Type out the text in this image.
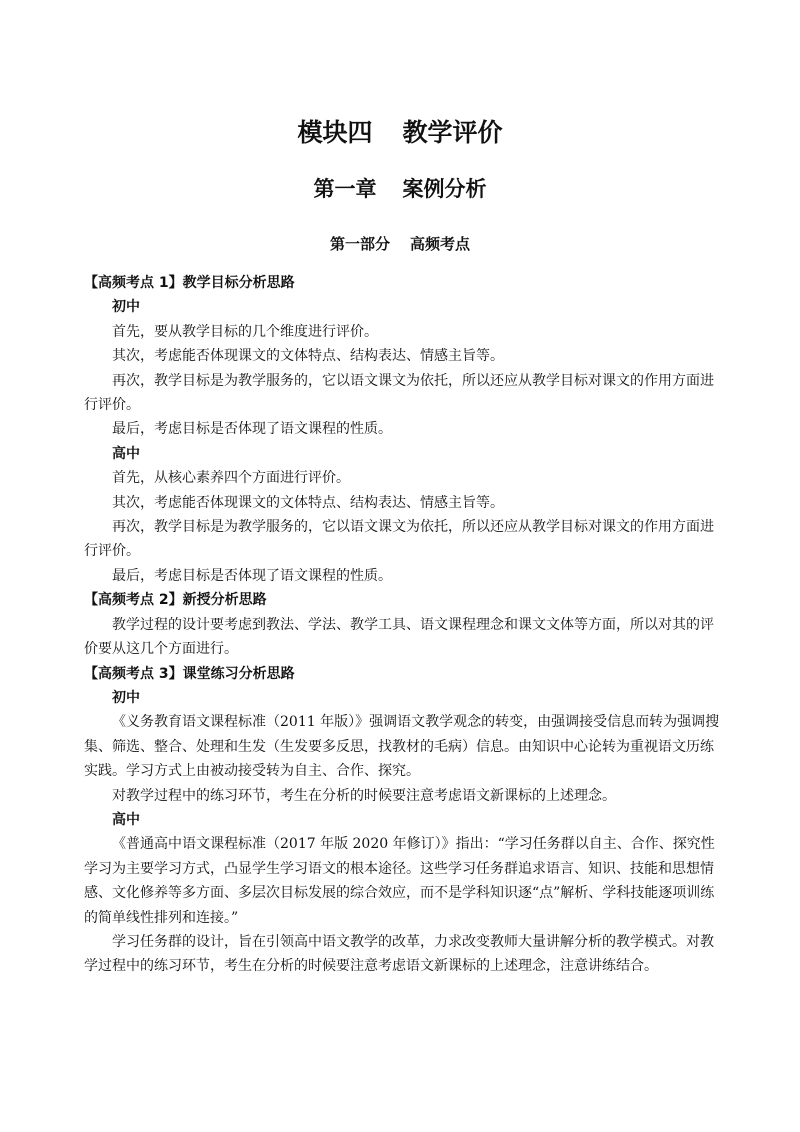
模块四 教学评价
第一章 案例分析
第一部分 高频考点

【高频考点 1】教学目标分析思路

初中

首先，要从教学目标的几个维度进行评价。

其次，考虑能否体现课文的文体特点、结构表达、情感主旨等。

再次，教学目标是为教学服务的，它以语文课文为依托，所以还应从教学目标对课文的作用方面进行评价。

最后，考虑目标是否体现了语文课程的性质。

高中

首先，从核心素养四个方面进行评价。

其次，考虑能否体现课文的文体特点、结构表达、情感主旨等。

再次，教学目标是为教学服务的，它以语文课文为依托，所以还应从教学目标对课文的作用方面进行评价。

最后，考虑目标是否体现了语文课程的性质。

【高频考点 2】新授分析思路

教学过程的设计要考虑到教法、学法、教学工具、语文课程理念和课文文体等方面，所以对其的评价要从这几个方面进行。

【高频考点 3】课堂练习分析思路

初中

《义务教育语文课程标准（2011 年版）》强调语文教学观念的转变，由强调接受信息而转为强调搜集、筛选、整合、处理和生发（生发要多反思，找教材的毛病）信息。由知识中心论转为重视语文历练实践。学习方式上由被动接受转为自主、合作、探究。

对教学过程中的练习环节，考生在分析的时候要注意考虑语文新课标的上述理念。

高中

《普通高中语文课程标准（2017 年版 2020 年修订）》指出：“学习任务群以自主、合作、探究性学习为主要学习方式，凸显学生学习语文的根本途径。这些学习任务群追求语言、知识、技能和思想情感、文化修养等多方面、多层次目标发展的综合效应，而不是学科知识逐“点”解析、学科技能逐项训练的简单线性排列和连接。”

学习任务群的设计，旨在引领高中语文教学的改革，力求改变教师大量讲解分析的教学模式。对教学过程中的练习环节，考生在分析的时候要注意考虑语文新课标的上述理念，注意讲练结合。
